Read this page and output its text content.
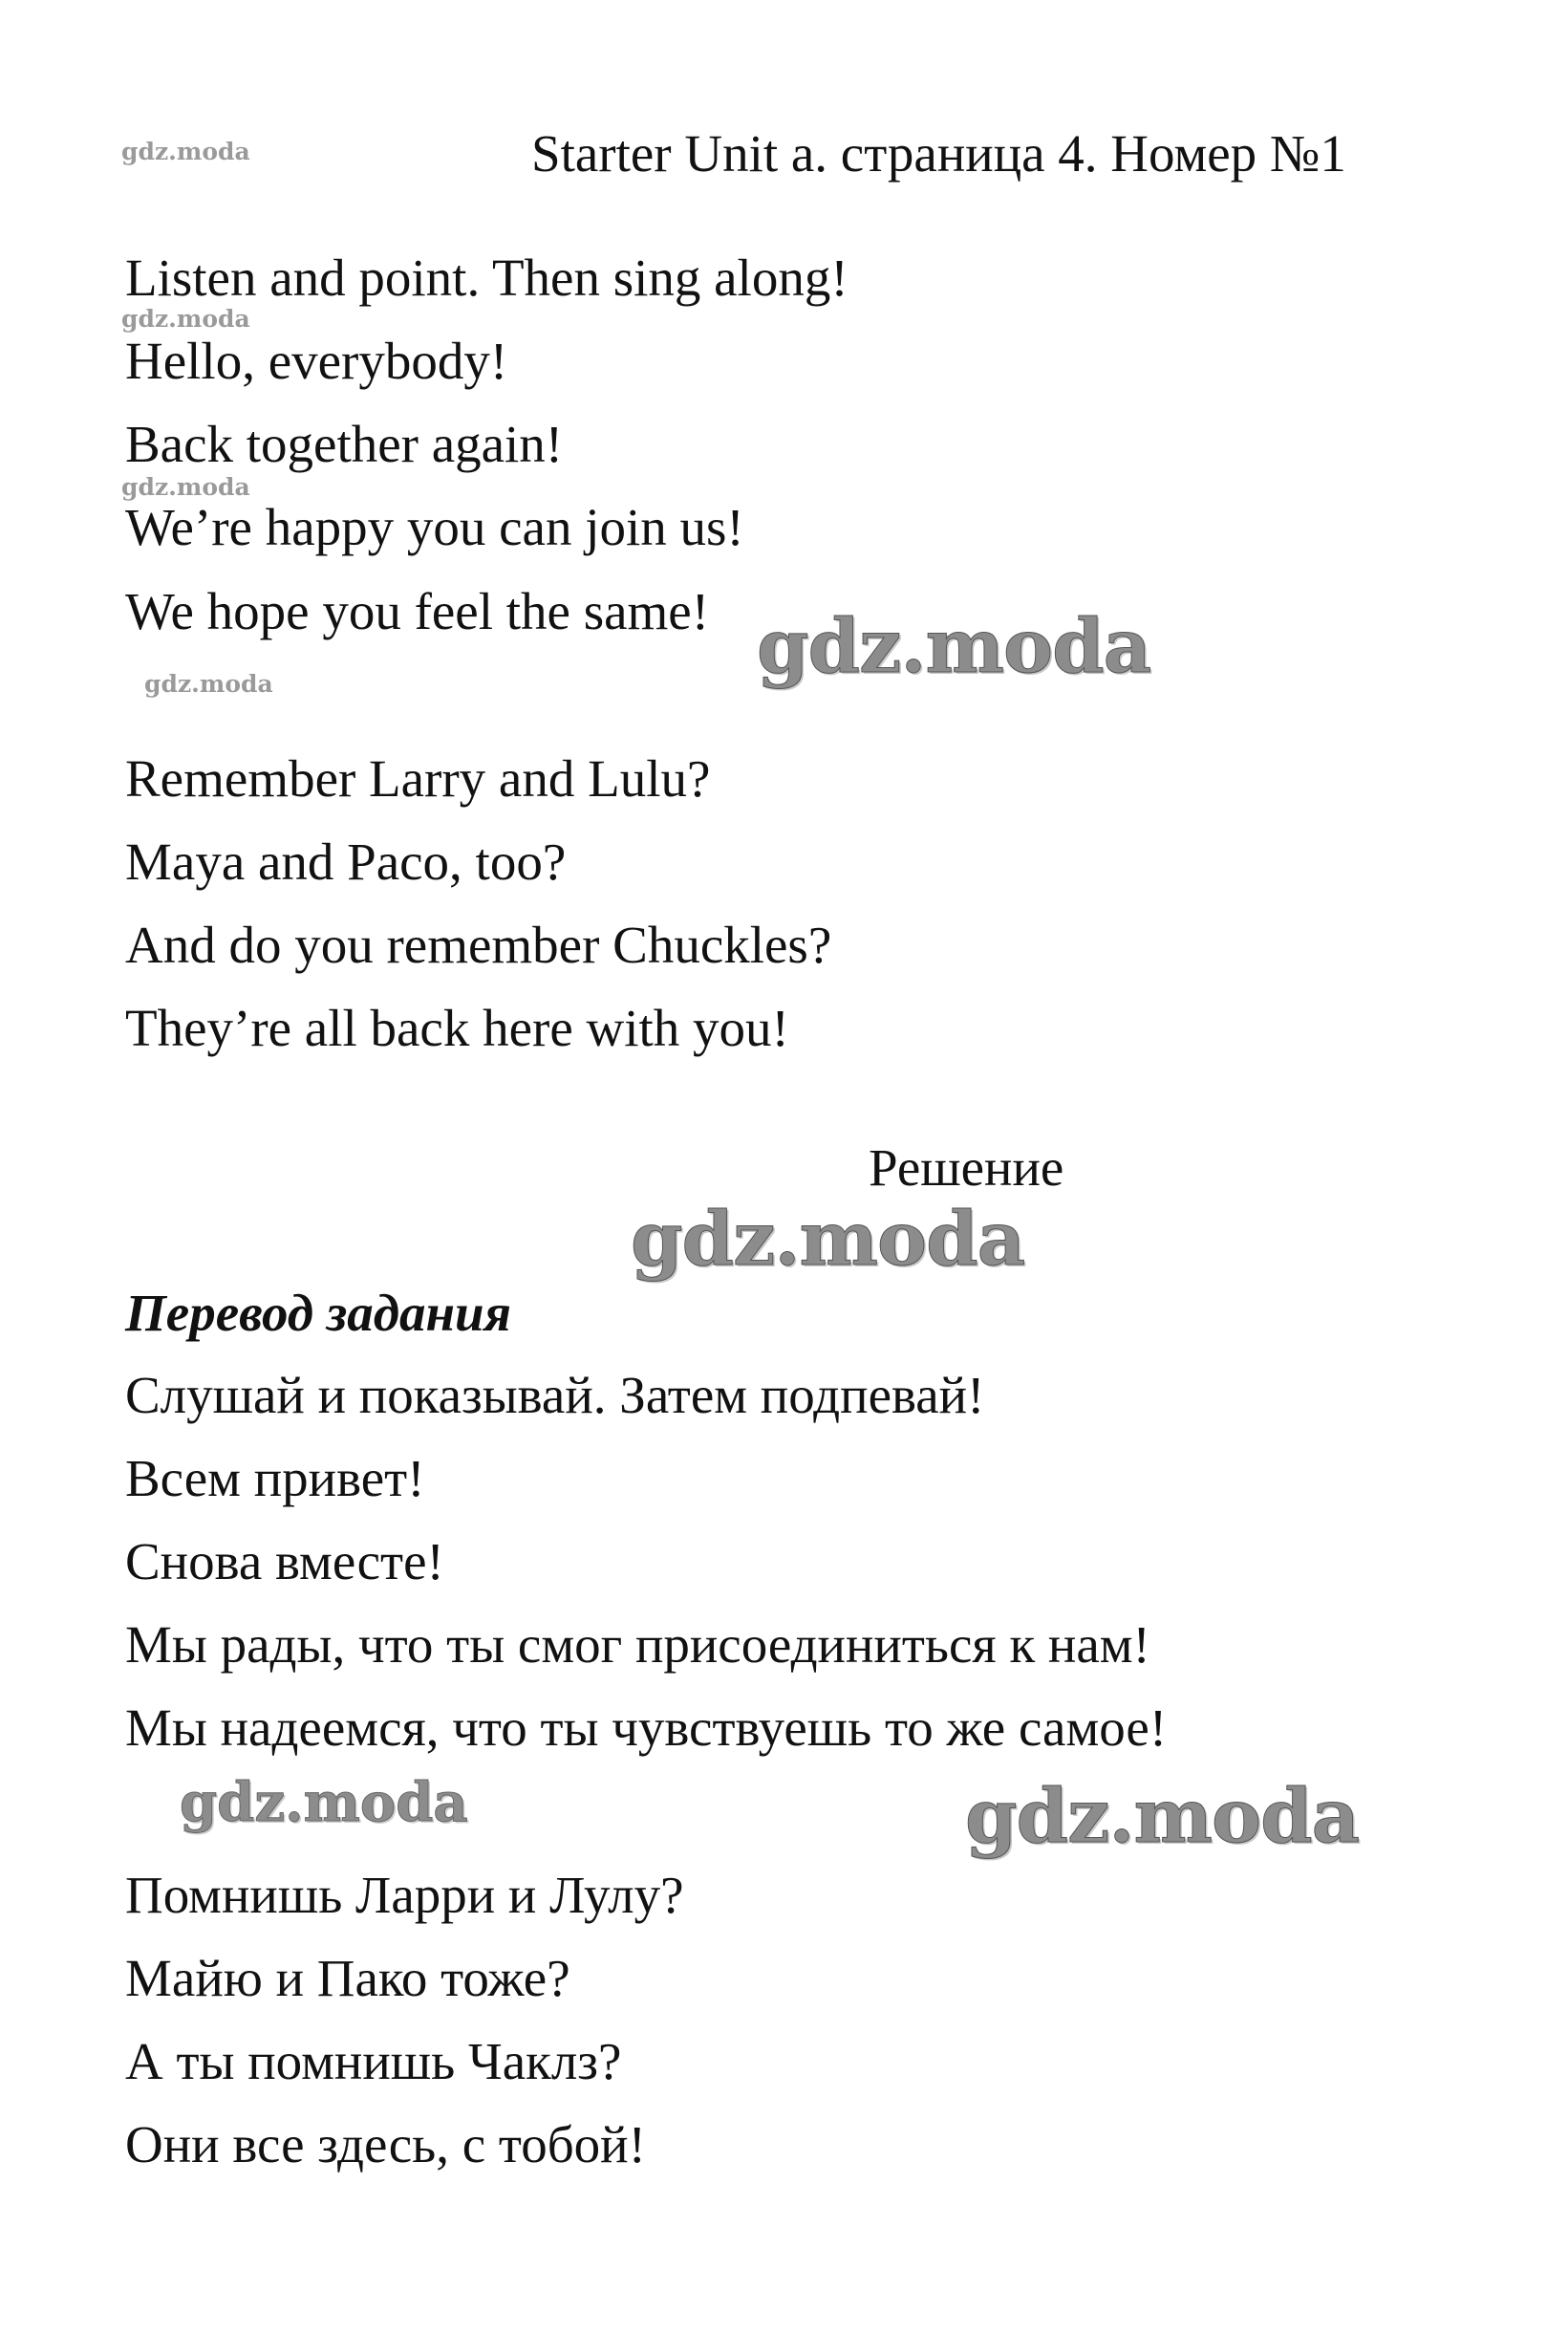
gdz.moda	Starter Unit a. страница 4. Номер №1
Listen and point. Then sing along!
gdz.moda
Hello, everybody!
Back together again!
gdz.moda
We’re happy you can join us!
We hope you feel the same! gdz.moda
gdz.moda
Remember Larry and Lulu?
Maya and Paco, too?
And do you remember Chuckles?
They’re all back here with you!
Решение
gdz.moda
Перевод задания
Слушай и показывай. Затем подпевай!
Всем привет!
Снова вместе!
Мы рады, что ты смог присоединиться к нам!
Мы надеемся, что ты чувствуешь то же самое!
gdz.moda	gdz.moda
Помнишь Ларри и Лулу?
Майю и Пако тоже?
А ты помнишь Чаклз?
Они все здесь, с тобой!
